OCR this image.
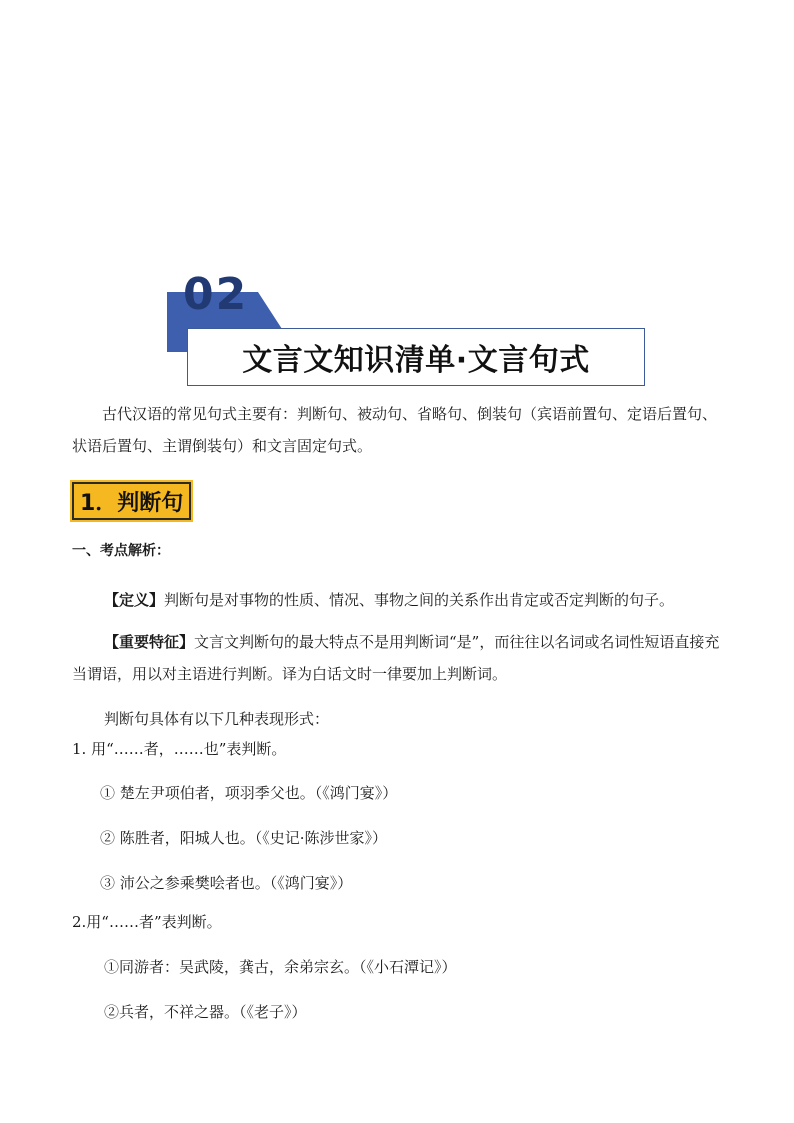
02
文言文知识清单·文言句式
古代汉语的常见句式主要有：判断句、被动句、省略句、倒装句（宾语前置句、定语后置句、状语后置句、主谓倒装句）和文言固定句式。
1．判断句
一、考点解析：
【定义】判断句是对事物的性质、情况、事物之间的关系作出肯定或否定判断的句子。
【重要特征】文言文判断句的最大特点不是用判断词“是”，而往往以名词或名词性短语直接充当谓语，用以对主语进行判断。译为白话文时一律要加上判断词。
判断句具体有以下几种表现形式：
1. 用“……者，……也”表判断。
① 楚左尹项伯者，项羽季父也。（《鸿门宴》）
② 陈胜者，阳城人也。（《史记·陈涉世家》）
③ 沛公之参乘樊哙者也。（《鸿门宴》）
2.用“……者”表判断。
①同游者：吴武陵，龚古，余弟宗玄。（《小石潭记》）
②兵者，不祥之器。（《老子》）
